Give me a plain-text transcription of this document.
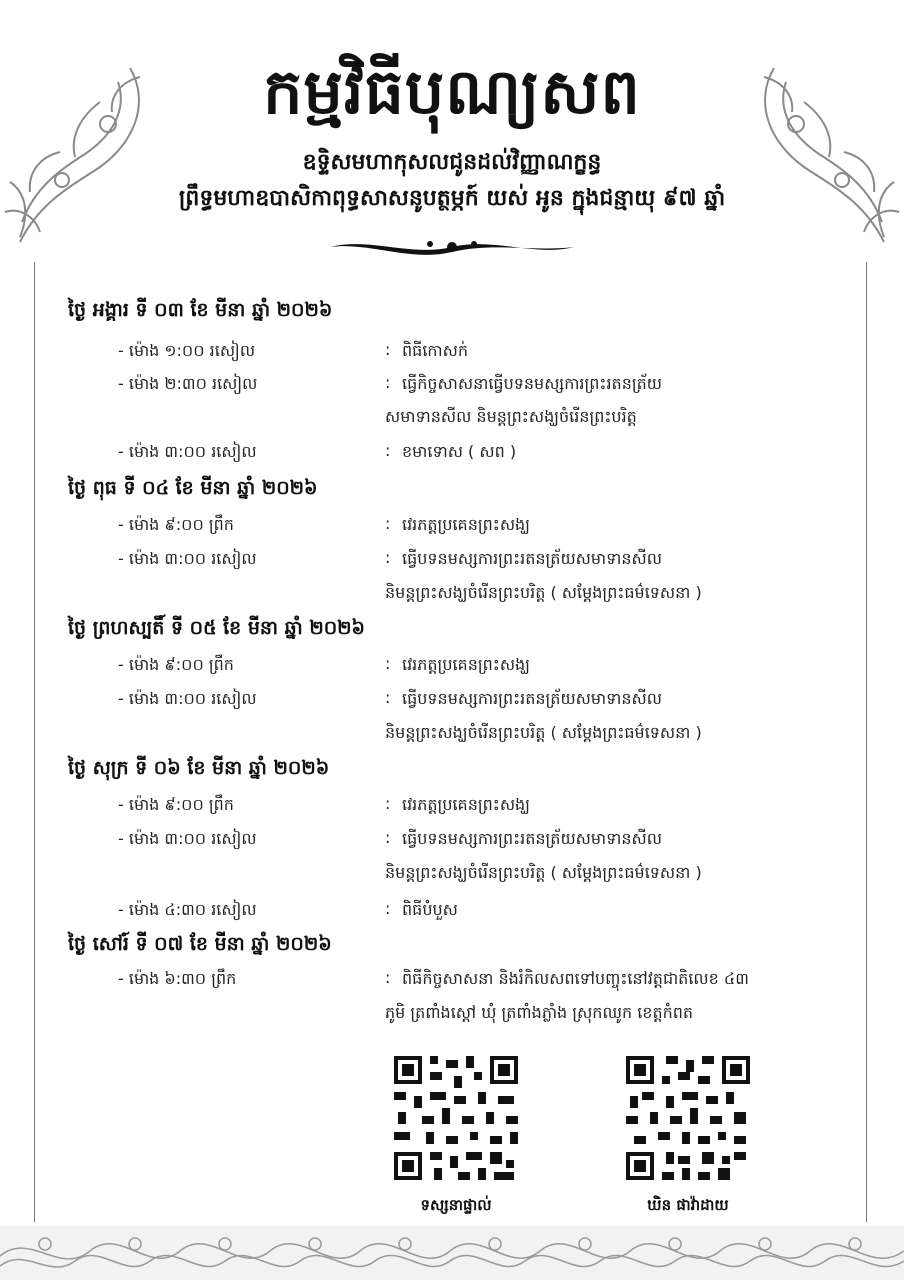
កម្មវិធីបុណ្យសព
ឧទ្ទិសមហាកុសលជូនដល់វិញ្ញាណក្ខន្ធ
ព្រឹទ្ធមហាឧបាសិកាពុទ្ធសាសនូបត្ថម្ភក៍ យស់ អូន ក្នុងជន្មាយុ ៩៧ ឆ្នាំ
ថ្ងៃ អង្គារ ទី ០៣ ខែ មីនា ឆ្នាំ ២០២៦
- ម៉ោង ១:០០ រសៀល	: ពិធីកោសក់
- ម៉ោង ២:៣០ រសៀល	: ធ្វើកិច្ចសាសនាធ្វើបទនមស្សការព្រះរតនត្រ័យ
សមាទានសីល និមន្តព្រះសង្ឃចំរើនព្រះបរិត្ត
- ម៉ោង ៣:០០ រសៀល	: ខមាទោស ( សព )
ថ្ងៃ ពុធ ទី ០៤ ខែ មីនា ឆ្នាំ ២០២៦
- ម៉ោង ៩:០០ ព្រឹក	: វេរភត្តប្រគេនព្រះសង្ឃ
- ម៉ោង ៣:០០ រសៀល	: ធ្វើបទនមស្សការព្រះរតនត្រ័យសមាទានសីល
និមន្តព្រះសង្ឃចំរើនព្រះបរិត្ត ( សម្តែងព្រះធម៌ទេសនា )
ថ្ងៃ ព្រហស្បតិ៍ ទី ០៥ ខែ មីនា ឆ្នាំ ២០២៦
- ម៉ោង ៩:០០ ព្រឹក	: វេរភត្តប្រគេនព្រះសង្ឃ
- ម៉ោង ៣:០០ រសៀល	: ធ្វើបទនមស្សការព្រះរតនត្រ័យសមាទានសីល
និមន្តព្រះសង្ឃចំរើនព្រះបរិត្ត ( សម្តែងព្រះធម៌ទេសនា )
ថ្ងៃ សុក្រ ទី ០៦ ខែ មីនា ឆ្នាំ ២០២៦
- ម៉ោង ៩:០០ ព្រឹក	: វេរភត្តប្រគេនព្រះសង្ឃ
- ម៉ោង ៣:០០ រសៀល	: ធ្វើបទនមស្សការព្រះរតនត្រ័យសមាទានសីល
និមន្តព្រះសង្ឃចំរើនព្រះបរិត្ត ( សម្តែងព្រះធម៌ទេសនា )
- ម៉ោង ៤:៣០ រសៀល	: ពិធីបំបួស
ថ្ងៃ សៅរ៍ ទី ០៧ ខែ មីនា ឆ្នាំ ២០២៦
- ម៉ោង ៦:៣០ ព្រឹក	: ពិធីកិច្ចសាសនា និងរំកិលសពទៅបញ្ចុះនៅវត្តជាតិលេខ ៤៣
ភូមិ ត្រពាំងស្ដៅ ឃុំ ត្រពាំងភ្លាំង ស្រុកឈូក ខេត្តកំពត
ទស្សនាផ្ទាល់	ឃិន ផាវ៉ាដាយ
